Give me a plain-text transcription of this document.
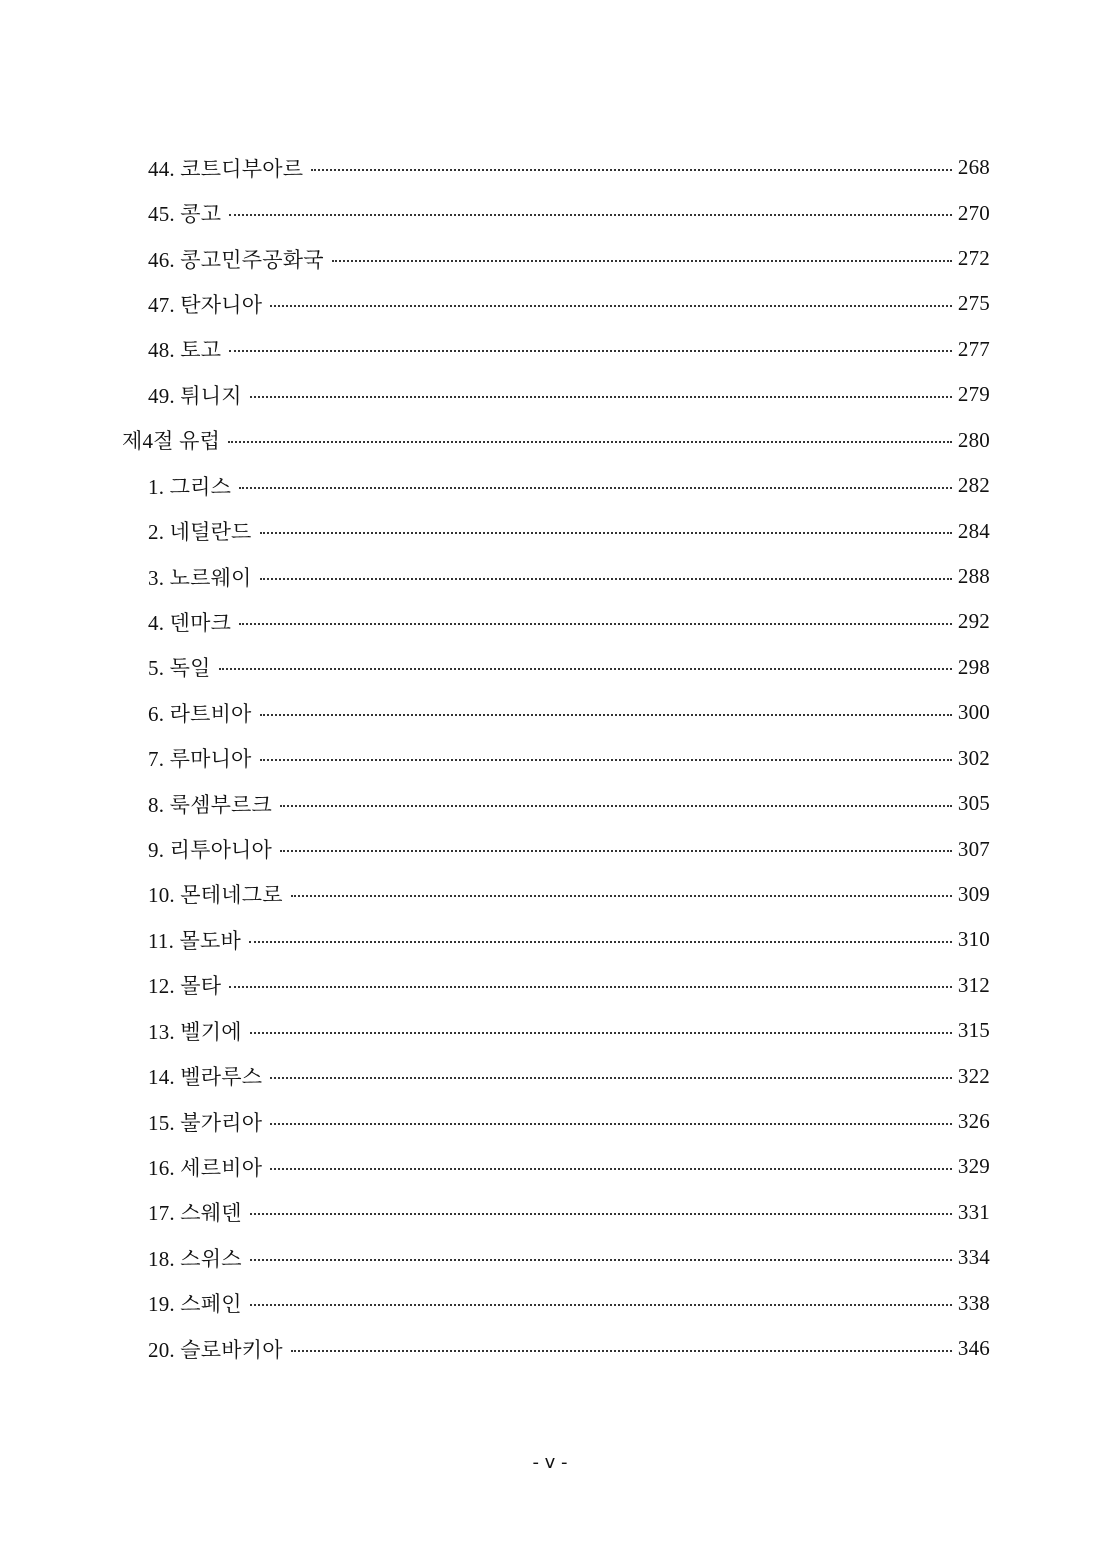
44. 코트디부아르	268
45. 콩고	270
46. 콩고민주공화국	272
47. 탄자니아	275
48. 토고	277
49. 튀니지	279
제4절 유럽	280
1. 그리스	282
2. 네덜란드	284
3. 노르웨이	288
4. 덴마크	292
5. 독일	298
6. 라트비아	300
7. 루마니아	302
8. 룩셈부르크	305
9. 리투아니아	307
10. 몬테네그로	309
11. 몰도바	310
12. 몰타	312
13. 벨기에	315
14. 벨라루스	322
15. 불가리아	326
16. 세르비아	329
17. 스웨덴	331
18. 스위스	334
19. 스페인	338
20. 슬로바키아	346
- v -
